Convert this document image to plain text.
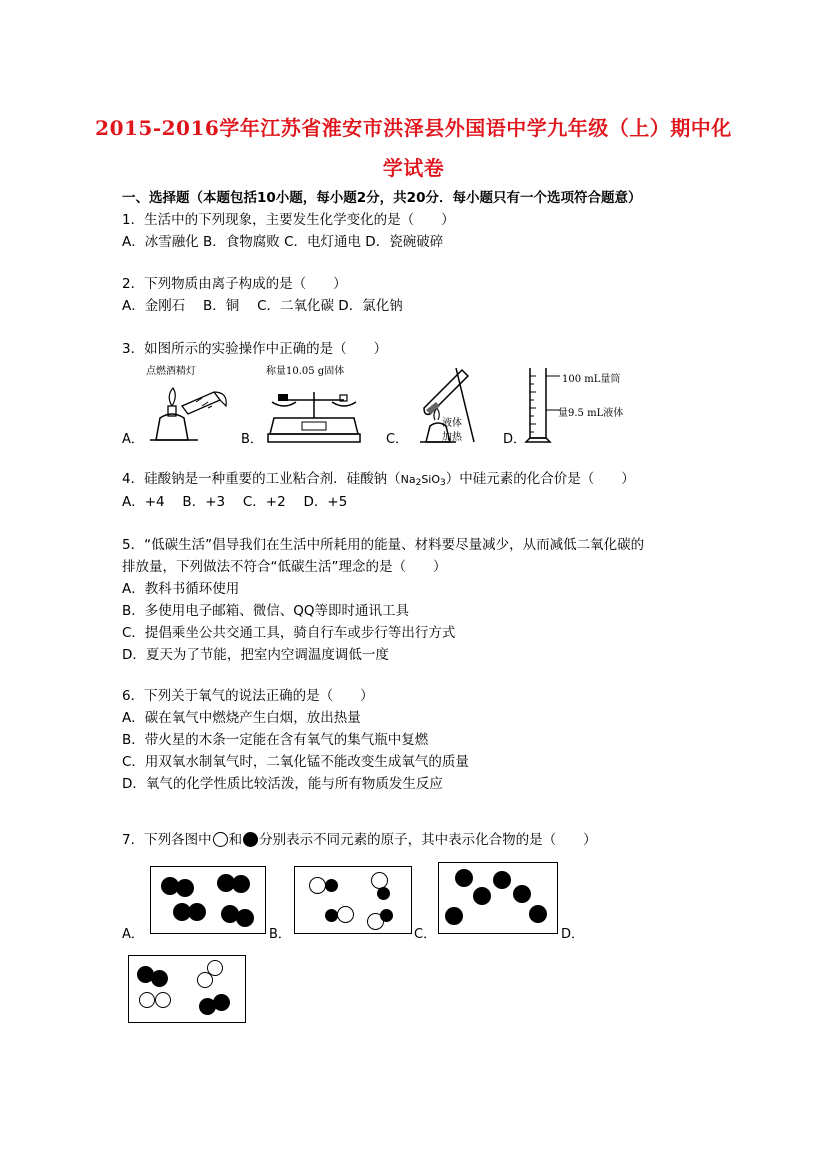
2015-2016学年江苏省淮安市洪泽县外国语中学九年级（上）期中化
学试卷
一、选择题（本题包括10小题，每小题2分，共20分．每小题只有一个选项符合题意）
1．生活中的下列现象，主要发生化学变化的是（　　）
A．冰雪融化 B．食物腐败 C．电灯通电 D．瓷碗破碎
2．下列物质由离子构成的是（　　）
A．金刚石　 B．铜　 C．二氧化碳 D．氯化钠
3．如图所示的实验操作中正确的是（　　）
A．	B．	C．	D．
点燃酒精灯	称量10.05 g固体
液体
加热
100 mL量筒
量9.5 mL液体
4．硅酸钠是一种重要的工业粘合剂．硅酸钠$(Na_2SiO_3)$中硅元素的化合价是（　　）
A．+4　 B．+3　 C．+2　 D．+5
5．“低碳生活”倡导我们在生活中所耗用的能量、材料要尽量减少，从而减低二氧化碳的
排放量，下列做法不符合“低碳生活”理念的是（　　）
A．教科书循环使用
B．多使用电子邮箱、微信、QQ等即时通讯工具
C．提倡乘坐公共交通工具，骑自行车或步行等出行方式
D．夏天为了节能，把室内空调温度调低一度
6．下列关于氧气的说法正确的是（　　）
A．碳在氧气中燃烧产生白烟，放出热量
B．带火星的木条一定能在含有氧气的集气瓶中复燃
C．用双氧水制氧气时，二氧化锰不能改变生成氧气的质量
D．氧气的化学性质比较活泼，能与所有物质发生反应
7．下列各图中 和 分别表示不同元素的原子，其中表示化合物的是（　　）
A．	B．	C．	D．
